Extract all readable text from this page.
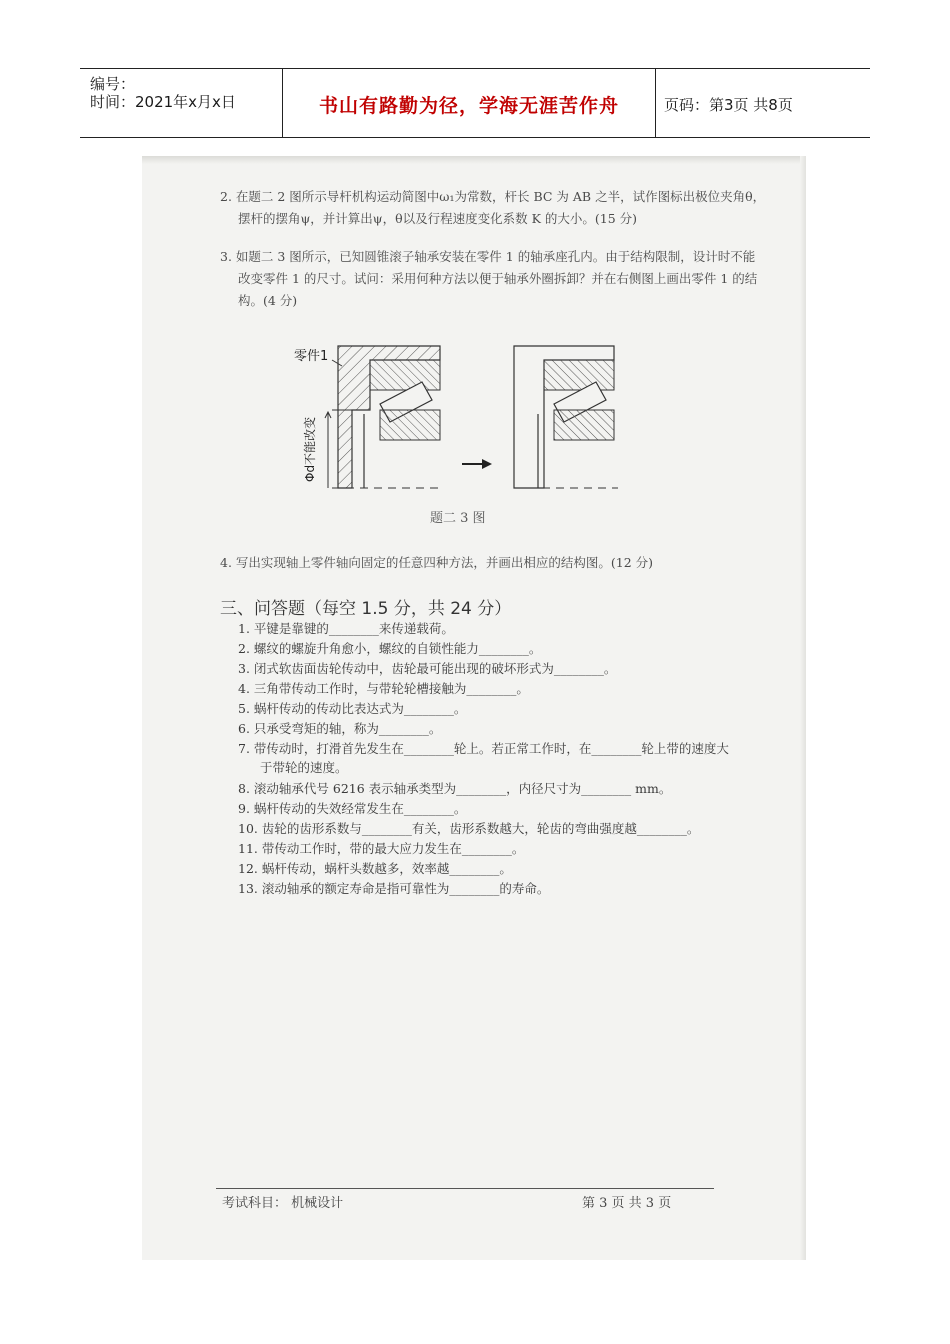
编号：
时间：2021年x月x日	书山有路勤为径，学海无涯苦作舟	页码：第3页 共8页
2. 在题二 2 图所示导杆机构运动简图中ω₁为常数，杆长 BC 为 AB 之半，试作图标出极位夹角θ，
摆杆的摆角ψ，并计算出ψ，θ以及行程速度变化系数 K 的大小。(15 分)
3. 如题二 3 图所示，已知圆锥滚子轴承安装在零件 1 的轴承座孔内。由于结构限制，设计时不能
改变零件 1 的尺寸。试问：采用何种方法以便于轴承外圈拆卸？并在右侧图上画出零件 1 的结
构。(4 分)
零件1
Φd不能改变
题二 3 图
4. 写出实现轴上零件轴向固定的任意四种方法，并画出相应的结构图。(12 分)
三、问答题（每空 1.5 分，共 24 分）
1. 平键是靠键的________来传递载荷。
2. 螺纹的螺旋升角愈小，螺纹的自锁性能力________。
3. 闭式软齿面齿轮传动中，齿轮最可能出现的破坏形式为________。
4. 三角带传动工作时，与带轮轮槽接触为________。
5. 蜗杆传动的传动比表达式为________。
6. 只承受弯矩的轴，称为________。
7. 带传动时，打滑首先发生在________轮上。若正常工作时，在________轮上带的速度大
于带轮的速度。
8. 滚动轴承代号 6216 表示轴承类型为________，内径尺寸为________ mm。
9. 蜗杆传动的失效经常发生在________。
10. 齿轮的齿形系数与________有关，齿形系数越大，轮齿的弯曲强度越________。
11. 带传动工作时，带的最大应力发生在________。
12. 蜗杆传动，蜗杆头数越多，效率越________。
13. 滚动轴承的额定寿命是指可靠性为________的寿命。
考试科目： 机械设计	第 3 页 共 3 页
